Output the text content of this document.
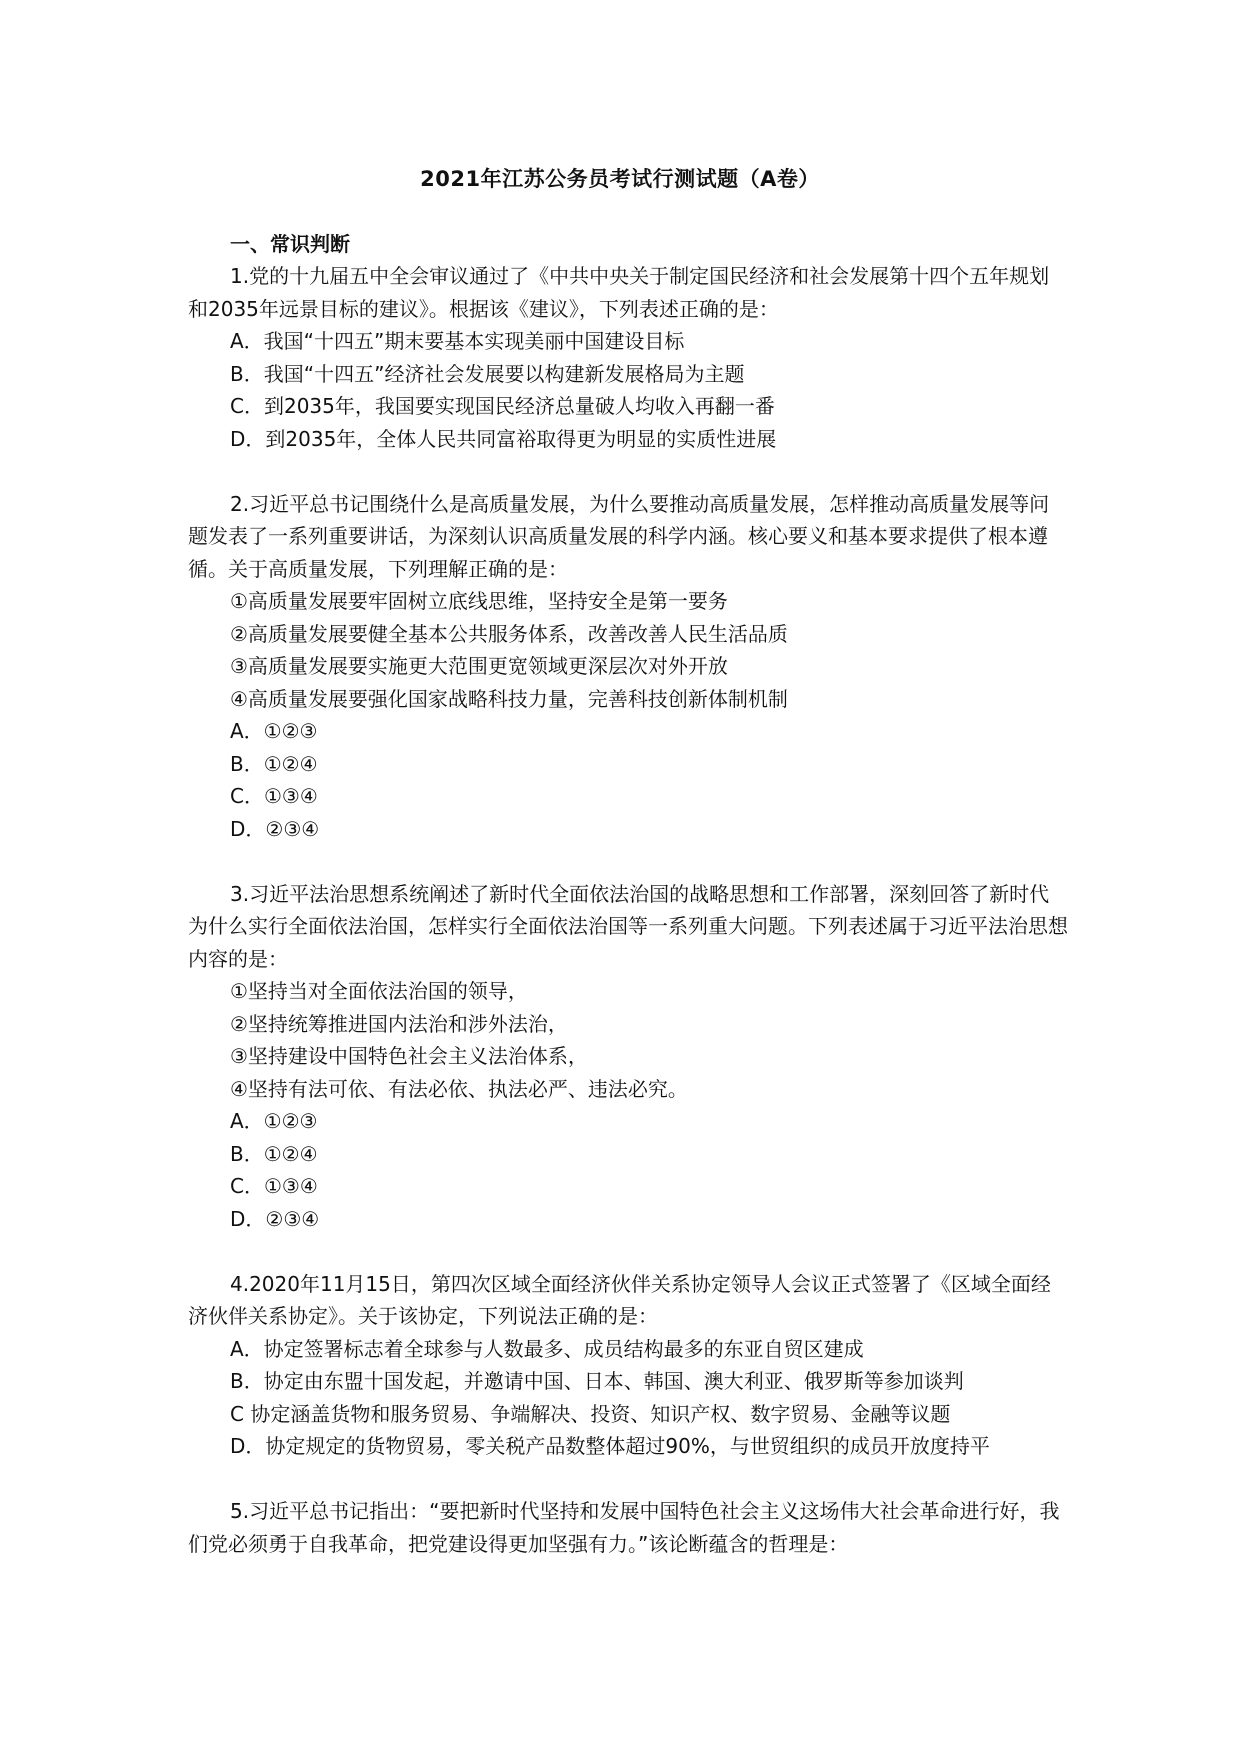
2021年江苏公务员考试行测试题（A卷）
一、常识判断
1.党的十九届五中全会审议通过了《中共中央关于制定国民经济和社会发展第十四个五年规划和2035年远景目标的建议》。根据该《建议》，下列表述正确的是：
A．我国“十四五”期末要基本实现美丽中国建设目标
B．我国“十四五”经济社会发展要以构建新发展格局为主题
C．到2035年，我国要实现国民经济总量破人均收入再翻一番
D．到2035年，全体人民共同富裕取得更为明显的实质性进展
2.习近平总书记围绕什么是高质量发展，为什么要推动高质量发展，怎样推动高质量发展等问题发表了一系列重要讲话，为深刻认识高质量发展的科学内涵。核心要义和基本要求提供了根本遵循。关于高质量发展，下列理解正确的是：
①高质量发展要牢固树立底线思维，坚持安全是第一要务
②高质量发展要健全基本公共服务体系，改善改善人民生活品质
③高质量发展要实施更大范围更宽领域更深层次对外开放
④高质量发展要强化国家战略科技力量，完善科技创新体制机制
A．①②③
B．①②④
C．①③④
D．②③④
3.习近平法治思想系统阐述了新时代全面依法治国的战略思想和工作部署，深刻回答了新时代为什么实行全面依法治国，怎样实行全面依法治国等一系列重大问题。下列表述属于习近平法治思想内容的是：
①坚持当对全面依法治国的领导，
②坚持统筹推进国内法治和涉外法治，
③坚持建设中国特色社会主义法治体系，
④坚持有法可依、有法必依、执法必严、违法必究。
A．①②③
B．①②④
C．①③④
D．②③④
4.2020年11月15日，第四次区域全面经济伙伴关系协定领导人会议正式签署了《区域全面经济伙伴关系协定》。关于该协定，下列说法正确的是：
A．协定签署标志着全球参与人数最多、成员结构最多的东亚自贸区建成
B．协定由东盟十国发起，并邀请中国、日本、韩国、澳大利亚、俄罗斯等参加谈判
C 协定涵盖货物和服务贸易、争端解决、投资、知识产权、数字贸易、金融等议题
D．协定规定的货物贸易，零关税产品数整体超过90%，与世贸组织的成员开放度持平
5.习近平总书记指出：“要把新时代坚持和发展中国特色社会主义这场伟大社会革命进行好，我们党必须勇于自我革命，把党建设得更加坚强有力。”该论断蕴含的哲理是：
